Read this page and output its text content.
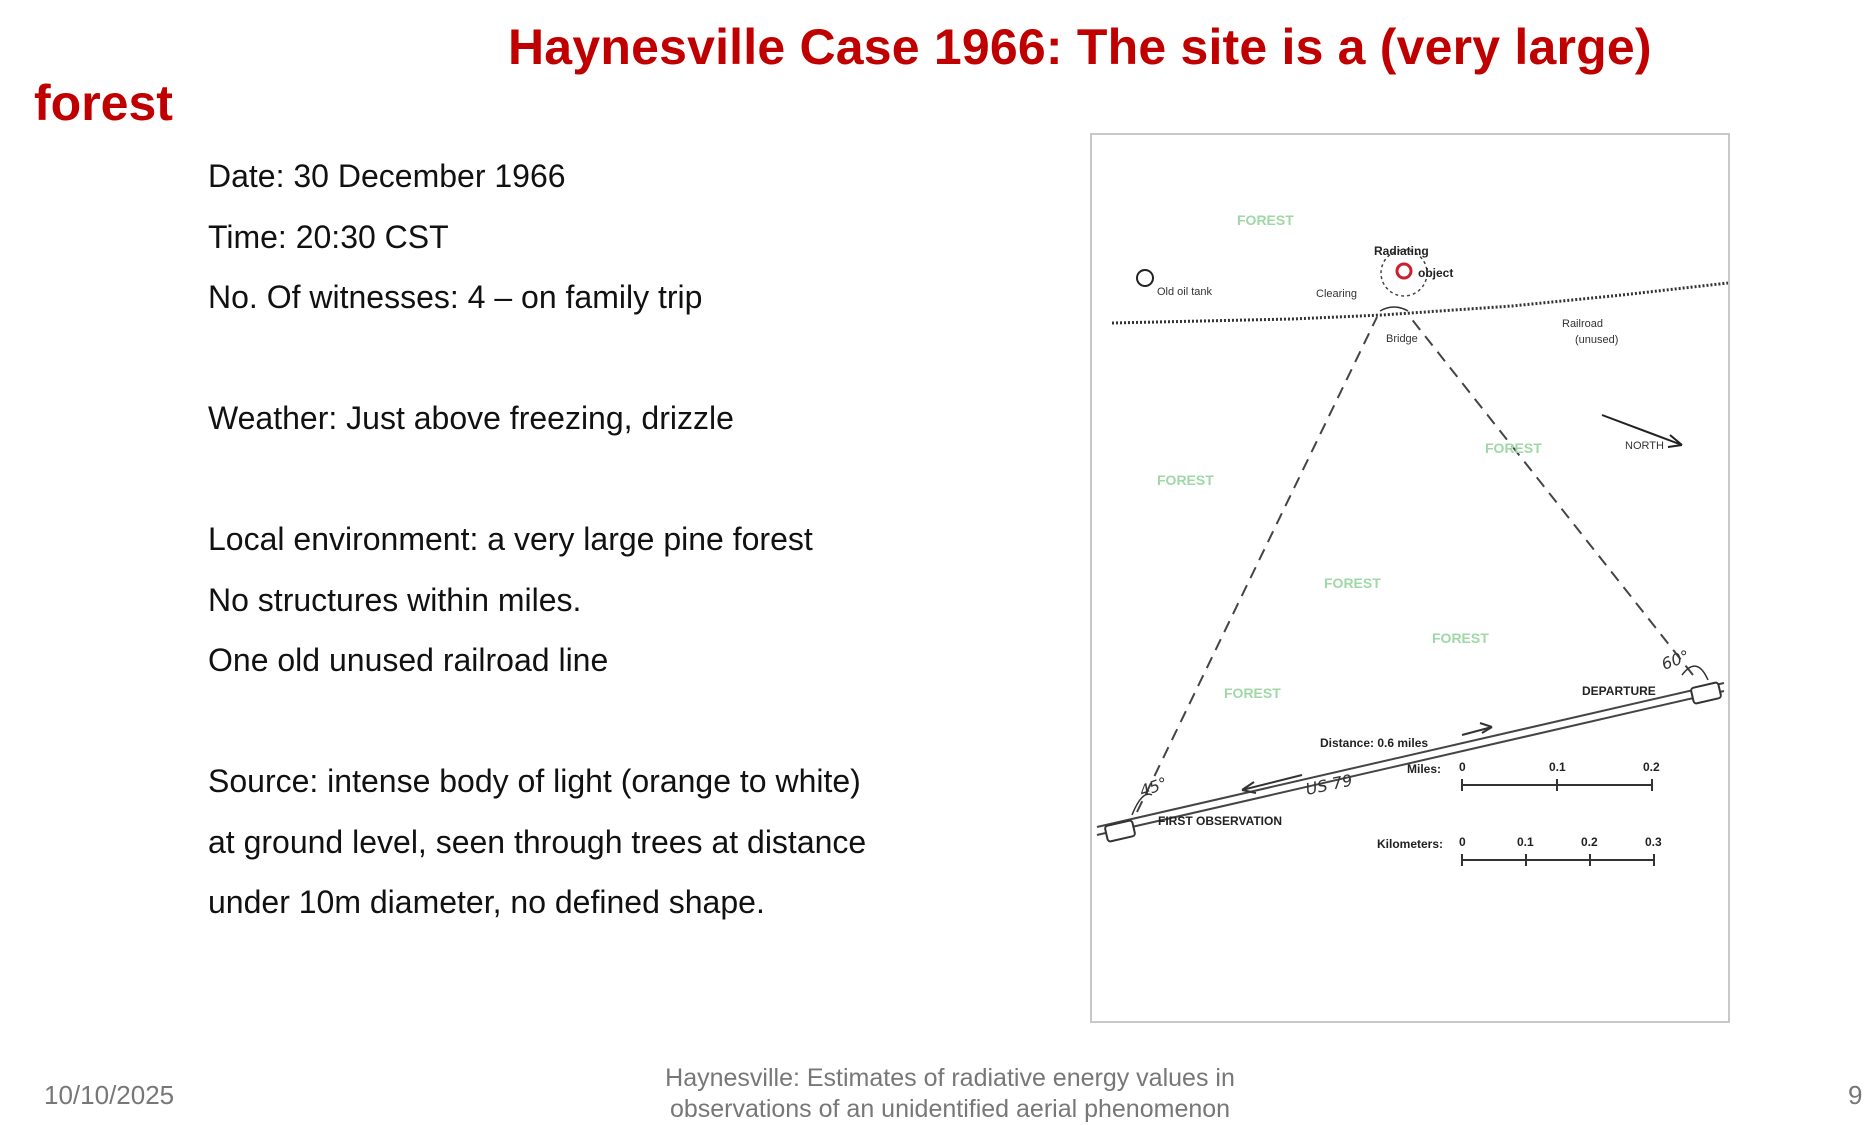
Haynesville Case 1966: The site is a (very large)
forest
Date: 30 December 1966
Time: 20:30 CST
No. Of witnesses: 4 – on family trip
Weather: Just above freezing, drizzle
Local environment: a very large pine forest
No structures within miles.
One old unused railroad line
Source: intense body of light (orange to white)
at ground level, seen through trees at distance
under 10m diameter, no defined shape.
FOREST
FOREST
FOREST
FOREST
FOREST
FOREST
Radiating
object
Old oil tank	Clearing
Bridge
Railroad
(unused)
NORTH
DEPARTURE
FIRST OBSERVATION
Distance: 0.6 miles
US 79
45°
60°
Miles: 0	0.1	0.2
Kilometers: 0	0.1	0.2	0.3
10/10/2025
Haynesville: Estimates of radiative energy values in
observations of an unidentified aerial phenomenon	9
